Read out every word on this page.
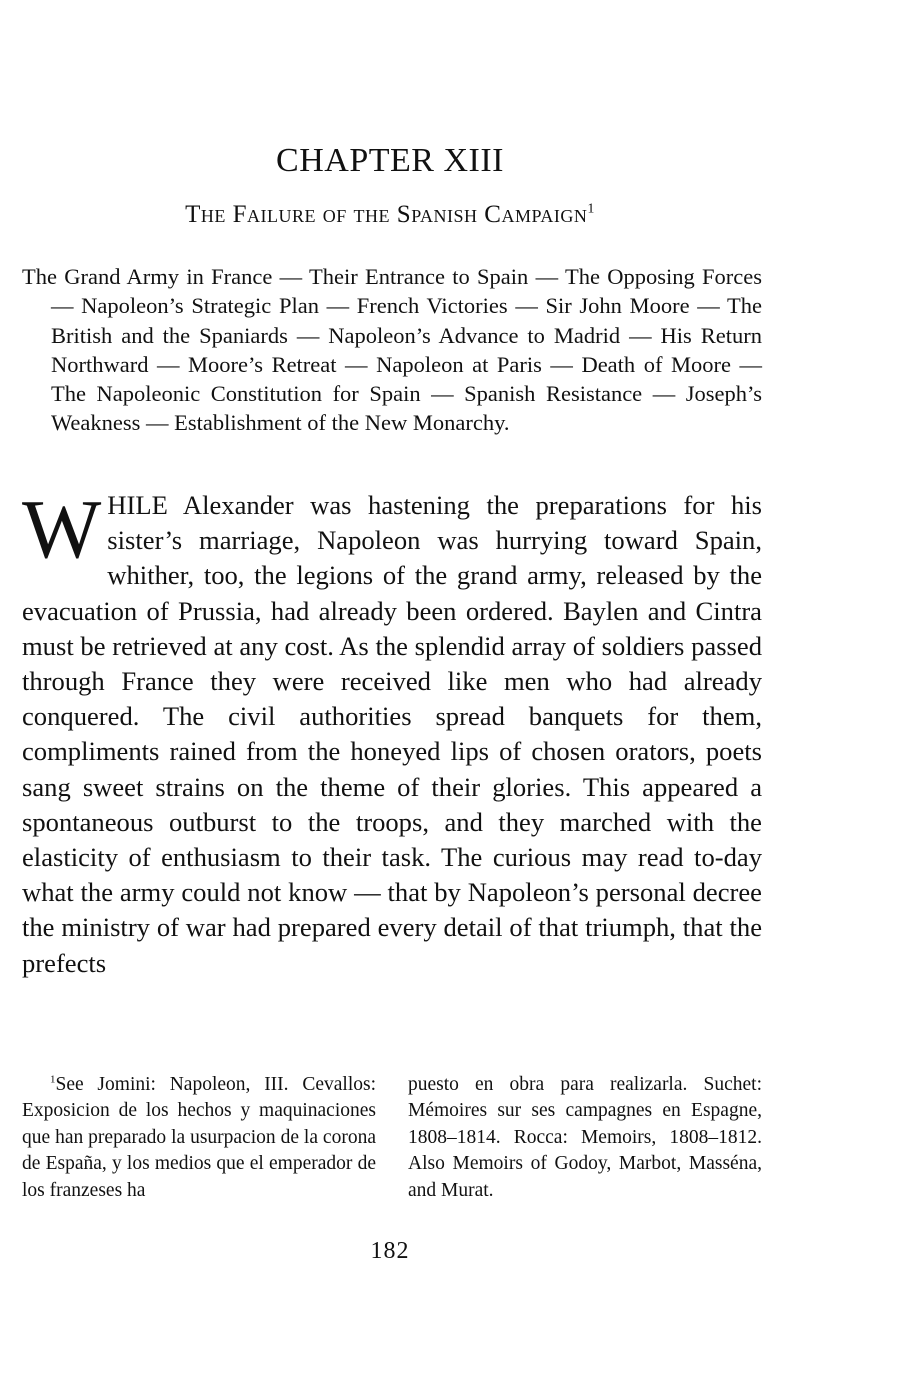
CHAPTER XIII
The Failure of the Spanish Campaign$^1$
The Grand Army in France — Their Entrance to Spain — The Opposing Forces — Napoleon’s Strategic Plan — French Victories — Sir John Moore — The British and the Spaniards — Napoleon’s Advance to Madrid — His Return Northward — Moore’s Retreat — Napoleon at Paris — Death of Moore — The Napoleonic Constitution for Spain — Spanish Resistance — Joseph’s Weakness — Establishment of the New Monarchy.
WHILE Alexander was hastening the preparations for his sister’s marriage, Napoleon was hurrying toward Spain, whither, too, the legions of the grand army, released by the evacuation of Prussia, had already been ordered. Baylen and Cintra must be retrieved at any cost. As the splendid array of soldiers passed through France they were received like men who had already conquered. The civil authorities spread banquets for them, compliments rained from the honeyed lips of chosen orators, poets sang sweet strains on the theme of their glories. This appeared a spontaneous outburst to the troops, and they marched with the elasticity of enthusiasm to their task. The curious may read to-day what the army could not know — that by Napoleon’s personal decree the ministry of war had prepared every detail of that triumph, that the prefects
$^1$See Jomini: Napoleon, III. Cevallos: Exposicion de los hechos y maquinaciones que han preparado la usurpacion de la corona de España, y los medios que el emperador de los franzeses ha
puesto en obra para realizarla. Suchet: Mémoires sur ses campagnes en Espagne, 1808–1814. Rocca: Memoirs, 1808–1812. Also Memoirs of Godoy, Marbot, Masséna, and Murat.
182
